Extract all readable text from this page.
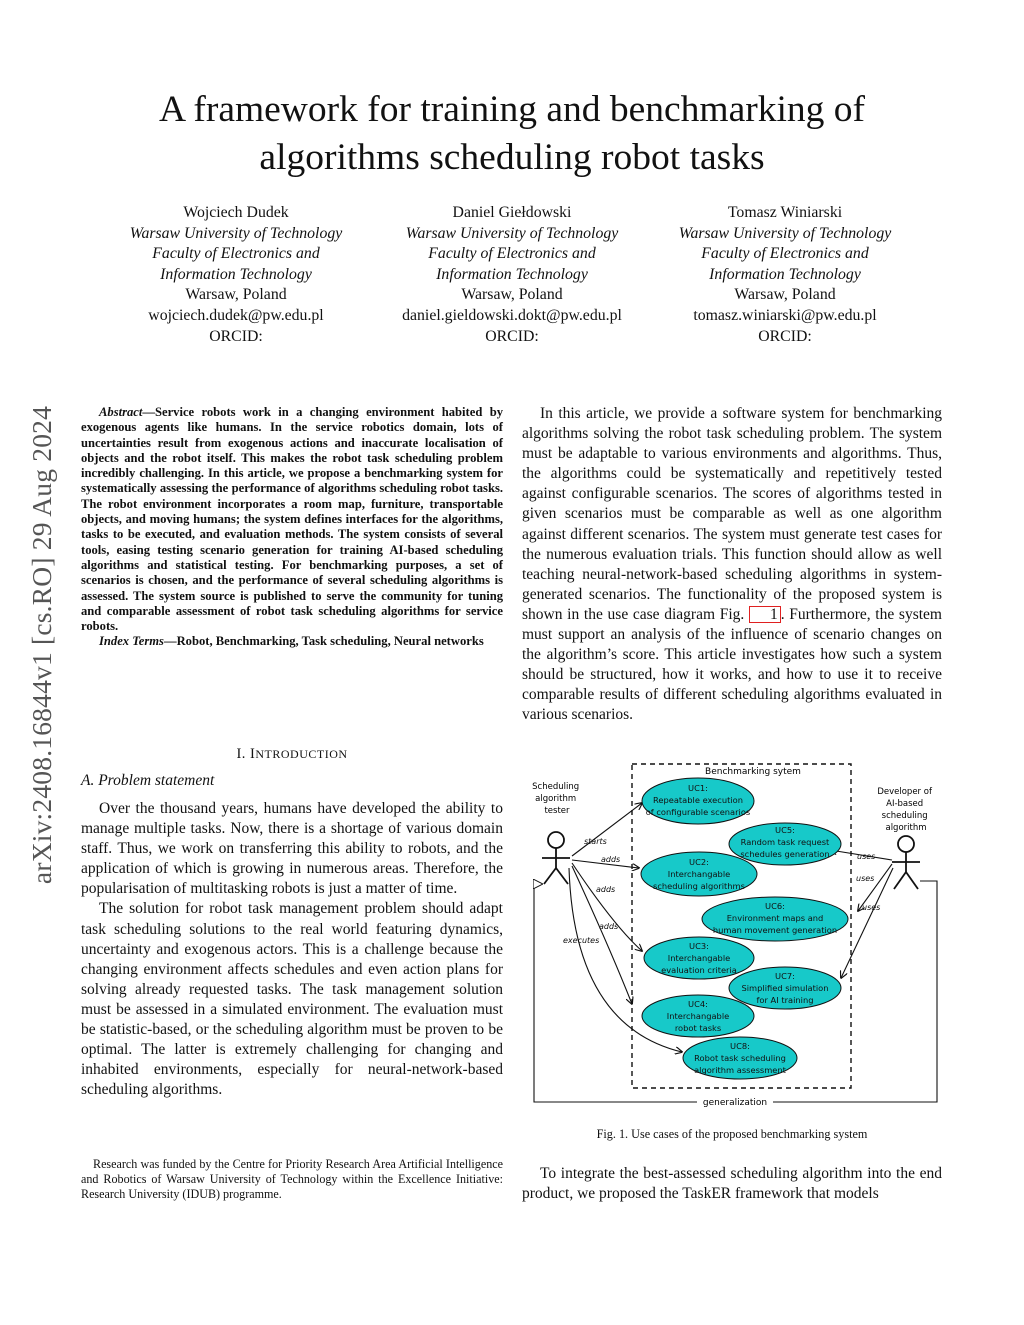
arXiv:2408.16844v1 [cs.RO] 29 Aug 2024
A framework for training and benchmarking of
algorithms scheduling robot tasks
Wojciech Dudek
Warsaw University of Technology
Faculty of Electronics and
Information Technology
Warsaw, Poland
wojciech.dudek@pw.edu.pl
ORCID:
Daniel Giełdowski
Warsaw University of Technology
Faculty of Electronics and
Information Technology
Warsaw, Poland
daniel.gieldowski.dokt@pw.edu.pl
ORCID:
Tomasz Winiarski
Warsaw University of Technology
Faculty of Electronics and
Information Technology
Warsaw, Poland
tomasz.winiarski@pw.edu.pl
ORCID:

Abstract—Service robots work in a changing environment habited by exogenous agents like humans. In the service robotics domain, lots of uncertainties result from exogenous actions and inaccurate localisation of objects and the robot itself. This makes the robot task scheduling problem incredibly challenging. In this article, we propose a benchmarking system for systematically assessing the performance of algorithms scheduling robot tasks. The robot environment incorporates a room map, furniture, transportable objects, and moving humans; the system defines interfaces for the algorithms, tasks to be executed, and evaluation methods. The system consists of several tools, easing testing scenario generation for training AI-based scheduling algorithms and statistical testing. For benchmarking purposes, a set of scenarios is chosen, and the performance of several scheduling algorithms is assessed. The system source is published to serve the community for tuning and comparable assessment of robot task scheduling algorithms for service robots.

Index Terms—Robot, Benchmarking, Task scheduling, Neural networks

I. INTRODUCTION
A. Problem statement

Over the thousand years, humans have developed the ability to manage multiple tasks. Now, there is a shortage of various domain staff. Thus, we work on transferring this ability to robots, and the application of which is growing in numerous areas. Therefore, the popularisation of multitasking robots is just a matter of time.

The solution for robot task management problem should adapt task scheduling solutions to the real world featuring dynamics, uncertainty and exogenous actors. This is a challenge because the changing environment affects schedules and even action plans for solving already requested tasks. The task management solution must be assessed in a simulated environment. The evaluation must be statistic-based, or the scheduling algorithm must be proven to be optimal. The latter is extremely challenging for changing and inhabited environments, especially for neural-network-based scheduling algorithms.

Research was funded by the Centre for Priority Research Area Artificial Intelligence and Robotics of Warsaw University of Technology within the Excellence Initiative: Research University (IDUB) programme.

In this article, we provide a software system for benchmarking algorithms solving the robot task scheduling problem. The system must be adaptable to various environments and algorithms. Thus, the algorithms could be systematically and repetitively tested against configurable scenarios. The scores of algorithms tested in given scenarios must be comparable as well as one algorithm against different scenarios. The system must generate test cases for the numerous evaluation trials. This function should allow as well teaching neural-network-based scheduling algorithms in system-generated scenarios. The functionality of the proposed system is shown in the use case diagram Fig. 1 . Furthermore, the system must support an analysis of the influence of scenario changes on the algorithm’s score. This article investigates how such a system should be structured, how it works, and how to use it to receive comparable results of different scheduling algorithms evaluated in various scenarios.

Benchmarking sytem
Scheduling algorithm tester
Developer of AI-based scheduling algorithm
starts
adds
adds
adds
executes
uses
uses
uses
generalization
UC1:
Repeatable execution
of configurable scenarios
UC5:
Random task request
schedules generation
UC2:
Interchangable
scheduling algorithms
UC6:
Environment maps and
human movement generation
UC3:
Interchangable
evaluation criteria
UC7:
Simplified simulation
for AI training
UC4:
Interchangable
robot tasks
UC8:
Robot task scheduling
algorithm assessment
Fig. 1. Use cases of the proposed benchmarking system

To integrate the best-assessed scheduling algorithm into the end product, we proposed the TaskER framework that models
